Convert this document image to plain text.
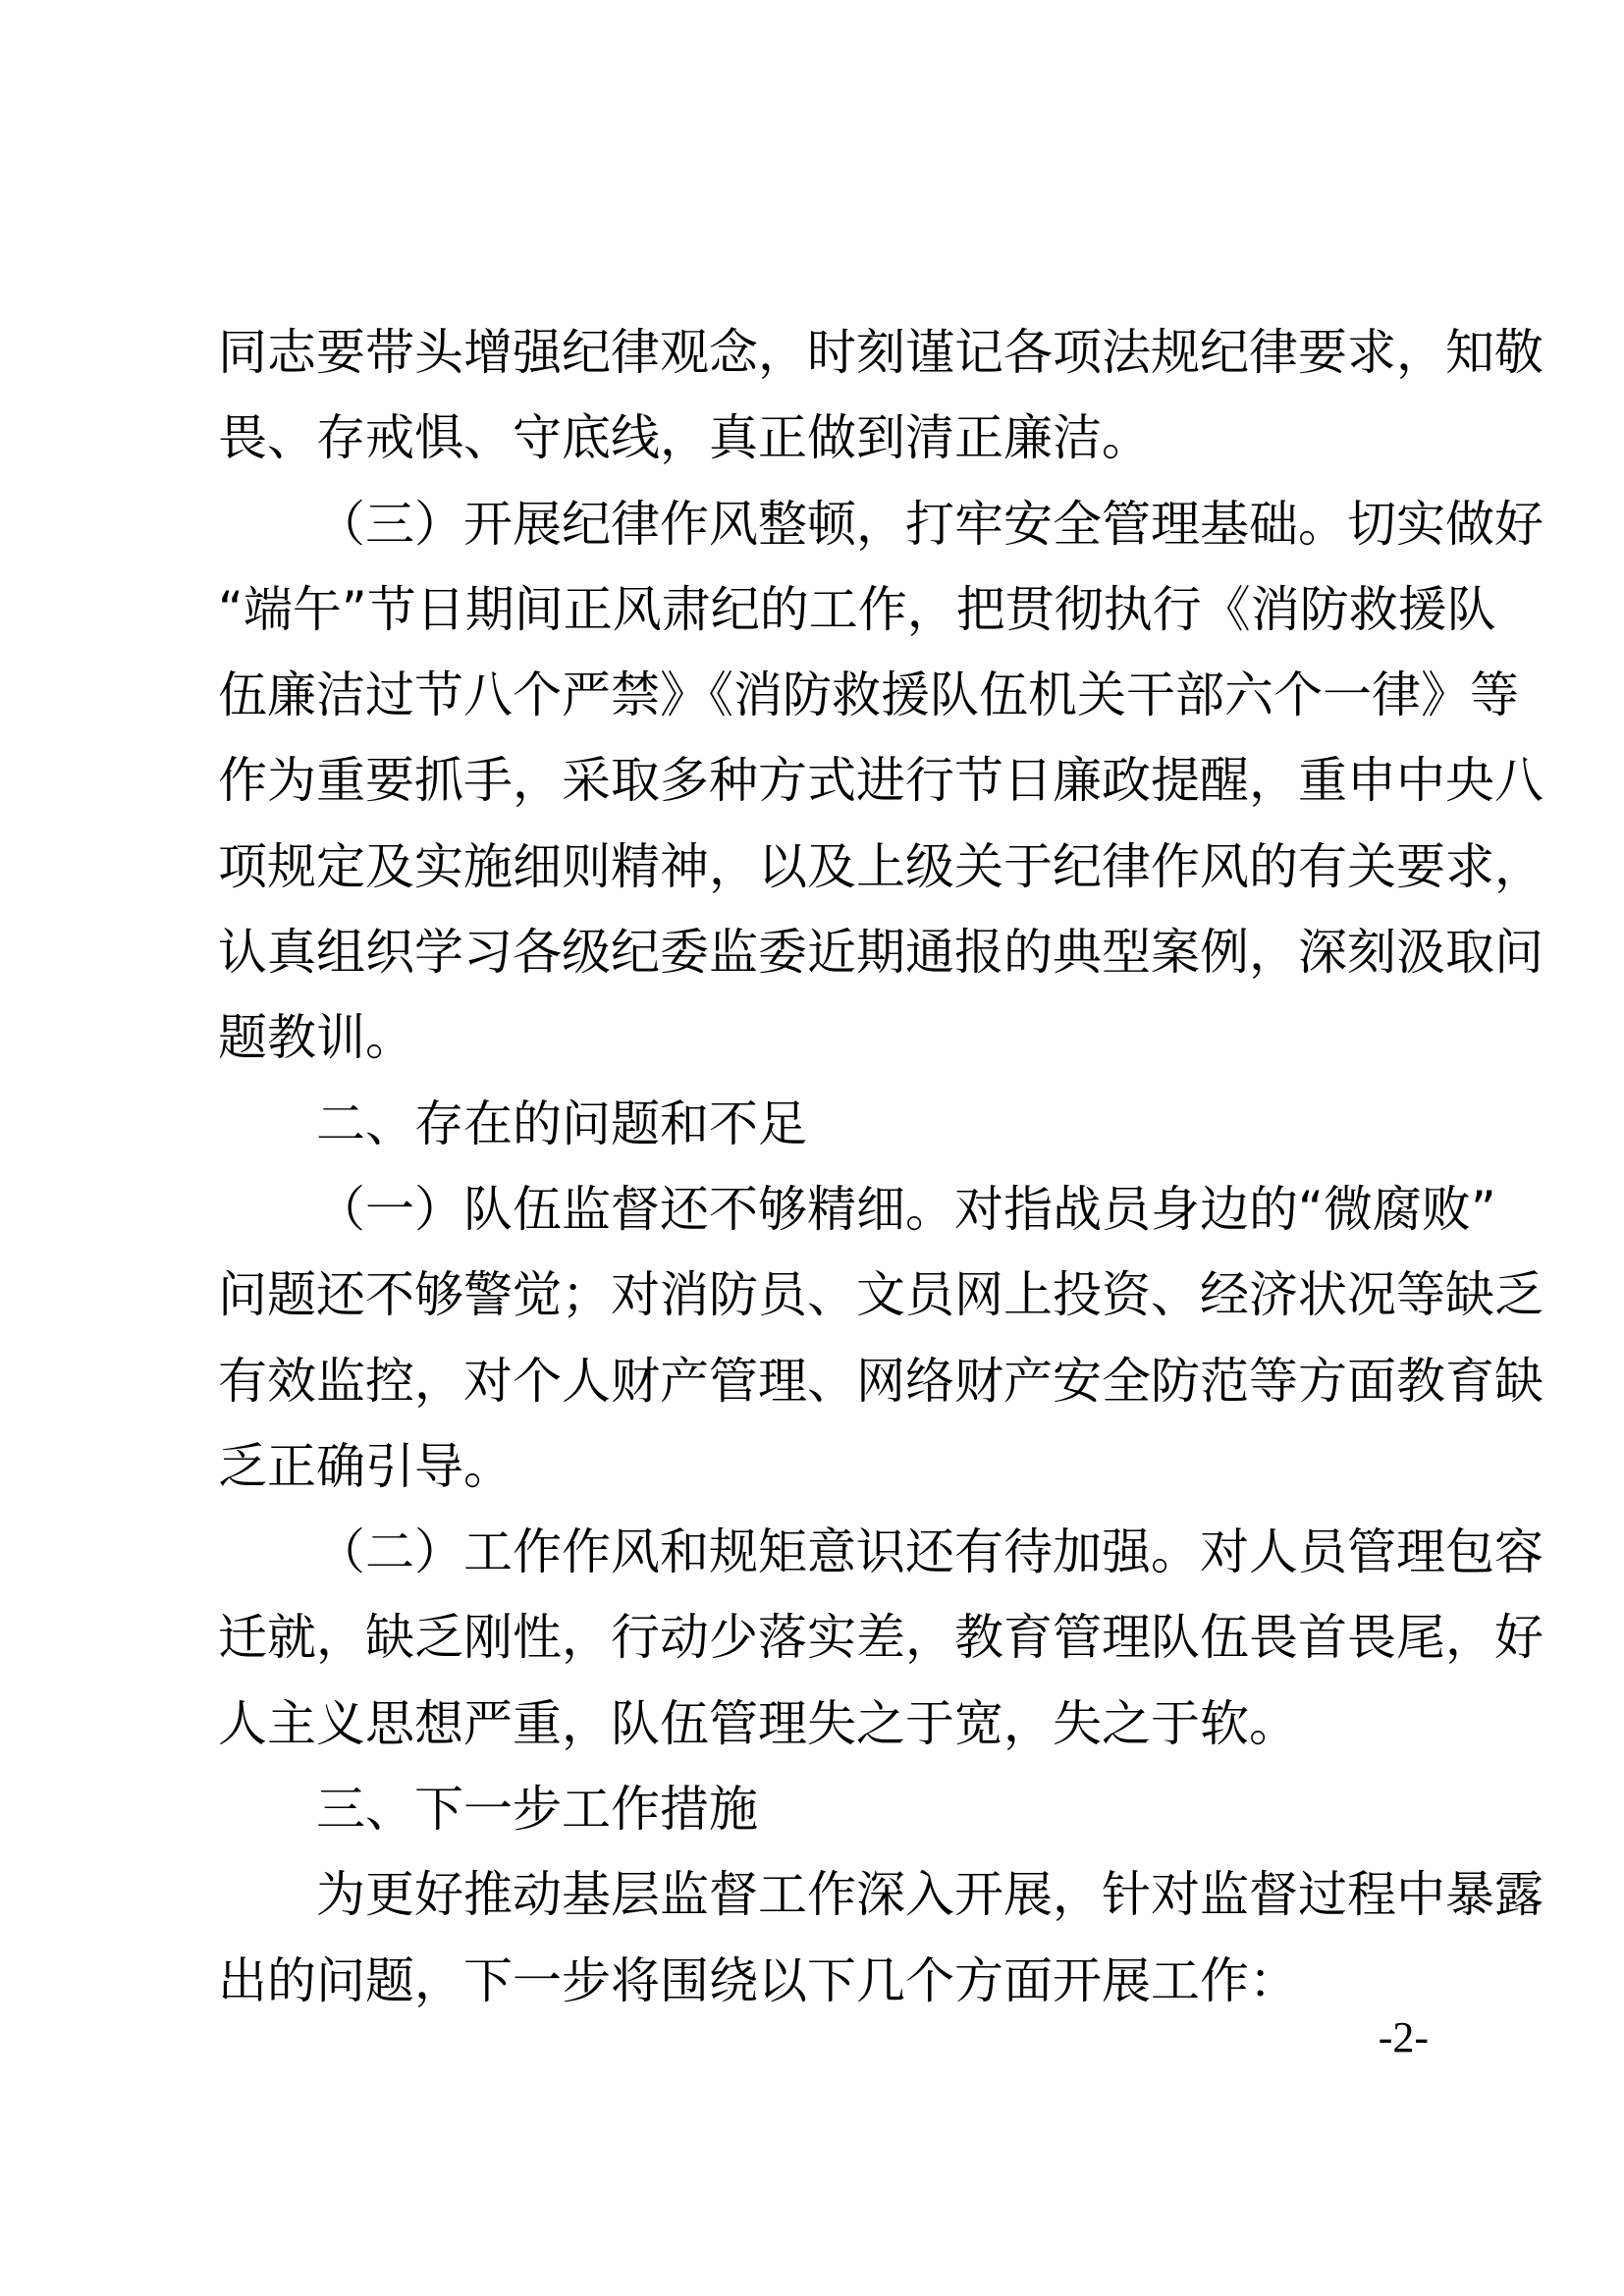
同志要带头增强纪律观念，时刻谨记各项法规纪律要求，知敬
畏、存戒惧、守底线，真正做到清正廉洁。
（三）开展纪律作风整顿，打牢安全管理基础。切实做好
“端午”节日期间正风肃纪的工作，把贯彻执行《消防救援队
伍廉洁过节八个严禁》《消防救援队伍机关干部六个一律》等
作为重要抓手，采取多种方式进行节日廉政提醒，重申中央八
项规定及实施细则精神，以及上级关于纪律作风的有关要求，
认真组织学习各级纪委监委近期通报的典型案例，深刻汲取问
题教训。
二、存在的问题和不足
（一）队伍监督还不够精细。对指战员身边的“微腐败”
问题还不够警觉；对消防员、文员网上投资、经济状况等缺乏
有效监控，对个人财产管理、网络财产安全防范等方面教育缺
乏正确引导。
（二）工作作风和规矩意识还有待加强。对人员管理包容
迁就，缺乏刚性，行动少落实差，教育管理队伍畏首畏尾，好
人主义思想严重，队伍管理失之于宽，失之于软。
三、下一步工作措施
为更好推动基层监督工作深入开展，针对监督过程中暴露
出的问题，下一步将围绕以下几个方面开展工作：
-2-
